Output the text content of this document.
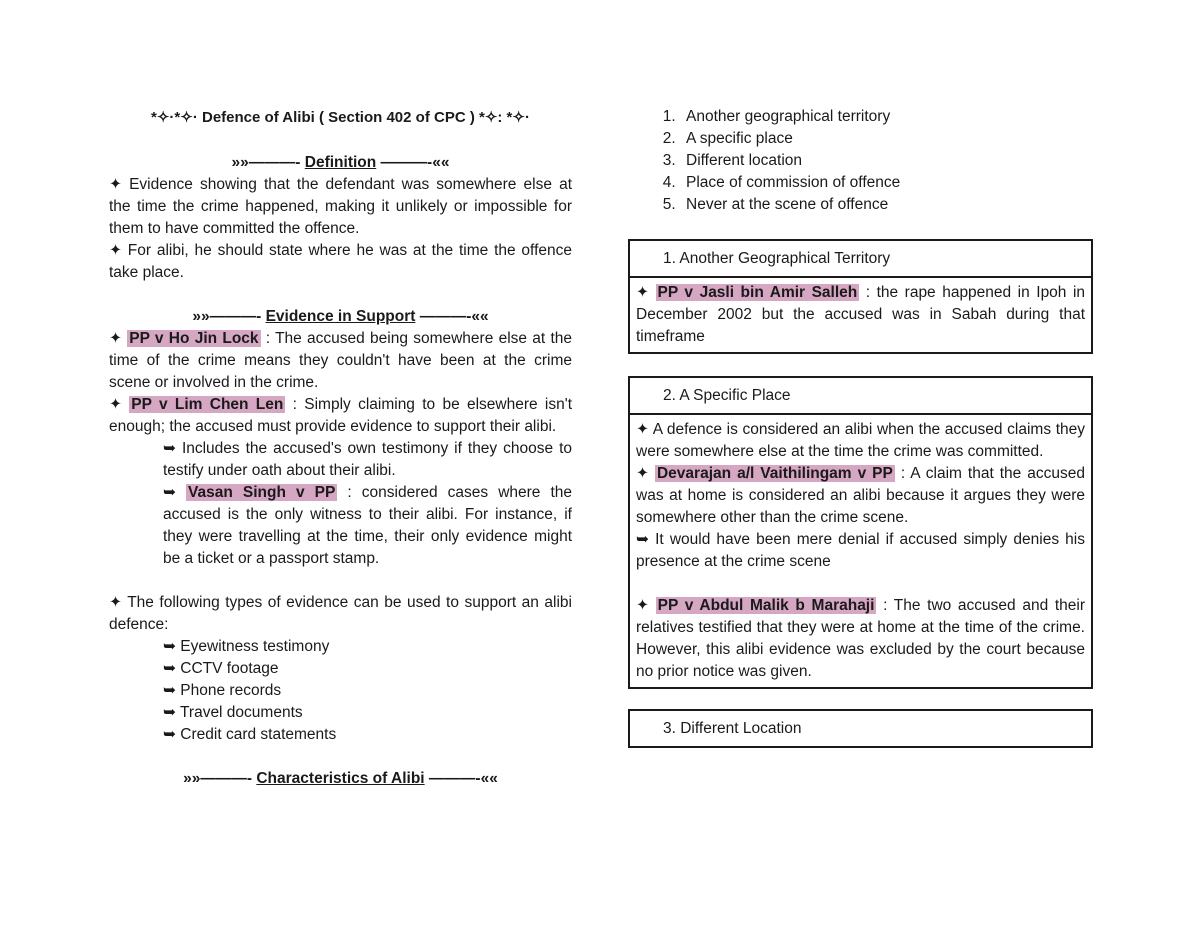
*✧·*✧· Defence of Alibi ( Section 402 of CPC ) *✧: *✧·
»»———- Definition ———-««
✦ Evidence showing that the defendant was somewhere else at the time the crime happened, making it unlikely or impossible for them to have committed the offence.
✦ For alibi, he should state where he was at the time the offence take place.
»»———- Evidence in Support ———-««
✦ PP v Ho Jin Lock : The accused being somewhere else at the time of the crime means they couldn't have been at the crime scene or involved in the crime.
✦ PP v Lim Chen Len : Simply claiming to be elsewhere isn't enough; the accused must provide evidence to support their alibi.
➥ Includes the accused's own testimony if they choose to testify under oath about their alibi.
➥ Vasan Singh v PP : considered cases where the accused is the only witness to their alibi. For instance, if they were travelling at the time, their only evidence might be a ticket or a passport stamp.
✦ The following types of evidence can be used to support an alibi defence:
➥ Eyewitness testimony
➥ CCTV footage
➥ Phone records
➥ Travel documents
➥ Credit card statements
»»———- Characteristics of Alibi ———-««
1. Another geographical territory
2. A specific place
3. Different location
4. Place of commission of offence
5. Never at the scene of offence
1. Another Geographical Territory
✦ PP v Jasli bin Amir Salleh : the rape happened in Ipoh in December 2002 but the accused was in Sabah during that timeframe
2. A Specific Place
✦ A defence is considered an alibi when the accused claims they were somewhere else at the time the crime was committed.
✦ Devarajan a/l Vaithilingam v PP : A claim that the accused was at home is considered an alibi because it argues they were somewhere other than the crime scene.
➥ It would have been mere denial if accused simply denies his presence at the crime scene
✦ PP v Abdul Malik b Marahaji : The two accused and their relatives testified that they were at home at the time of the crime. However, this alibi evidence was excluded by the court because no prior notice was given.
3. Different Location
